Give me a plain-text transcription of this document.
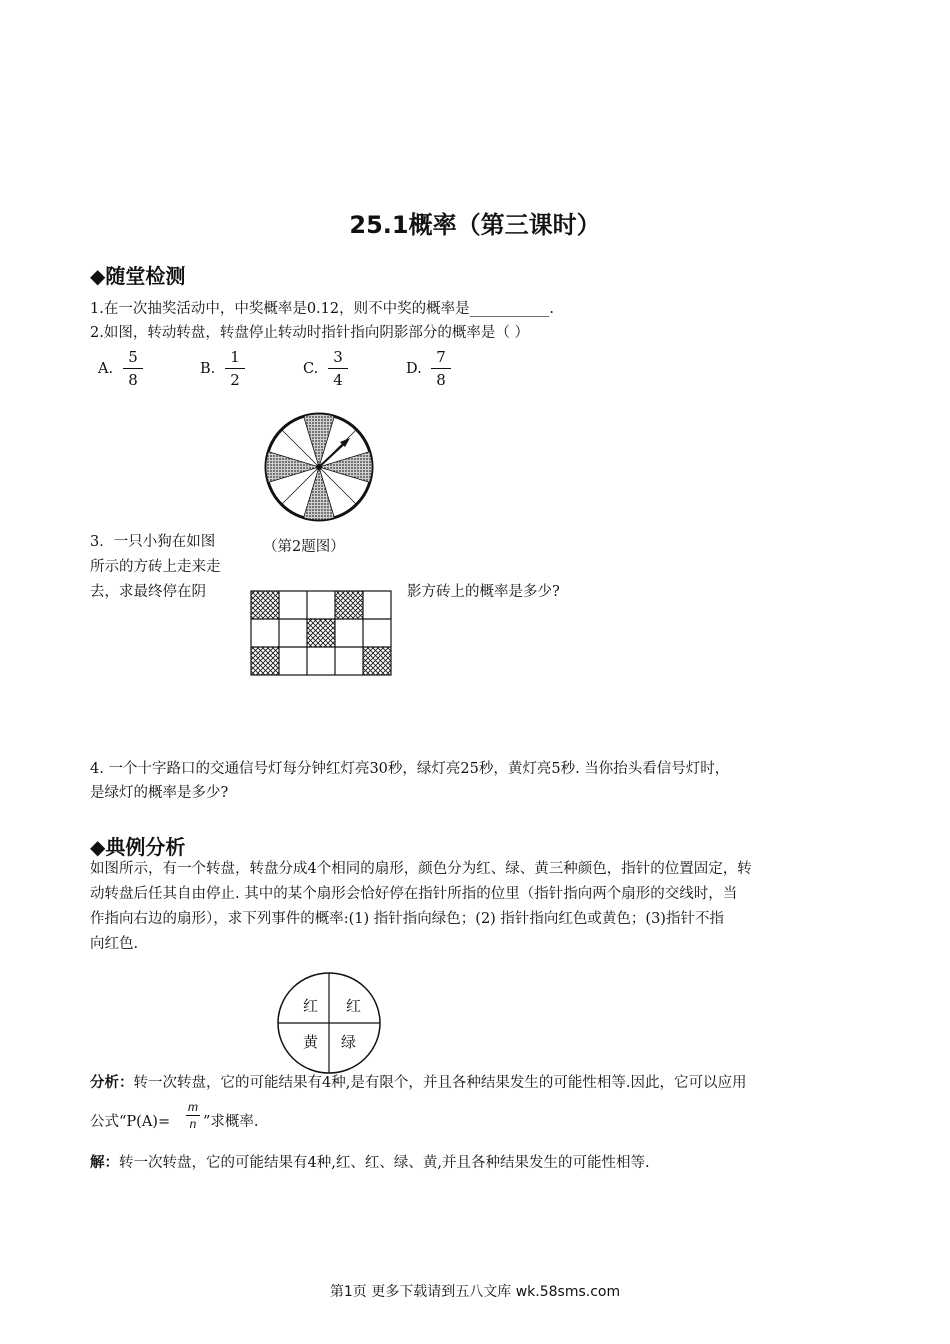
25.1概率（第三课时）
◆随堂检测
1.在一次抽奖活动中，中奖概率是0.12，则不中奖的概率是___________.
2.如图，转动转盘，转盘停止转动时指针指向阴影部分的概率是（ ）
A.
5
8
B.
1
2
C.
3
4
D.
7
8
3．一只小狗在如图
所示的方砖上走来走
去，求最终停在阴	影方砖上的概率是多少?
（第2题图）
4. 一个十字路口的交通信号灯每分钟红灯亮30秒，绿灯亮25秒，黄灯亮5秒. 当你抬头看信号灯时，
是绿灯的概率是多少?
◆典例分析
如图所示，有一个转盘，转盘分成4个相同的扇形，颜色分为红、绿、黄三种颜色，指针的位置固定，转
动转盘后任其自由停止. 其中的某个扇形会恰好停在指针所指的位里（指针指向两个扇形的交线时，当
作指向右边的扇形），求下列事件的概率:(1) 指针指向绿色；(2) 指针指向红色或黄色；(3)指针不指
向红色.
红 红
黄 绿
分析：转一次转盘，它的可能结果有4种,是有限个，并且各种结果发生的可能性相等.因此，它可以应用
公式“P(A)=
m
n ”求概率.
解：转一次转盘，它的可能结果有4种,红、红、绿、黄,并且各种结果发生的可能性相等.
第1页 更多下载请到五八文库 wk.58sms.com
